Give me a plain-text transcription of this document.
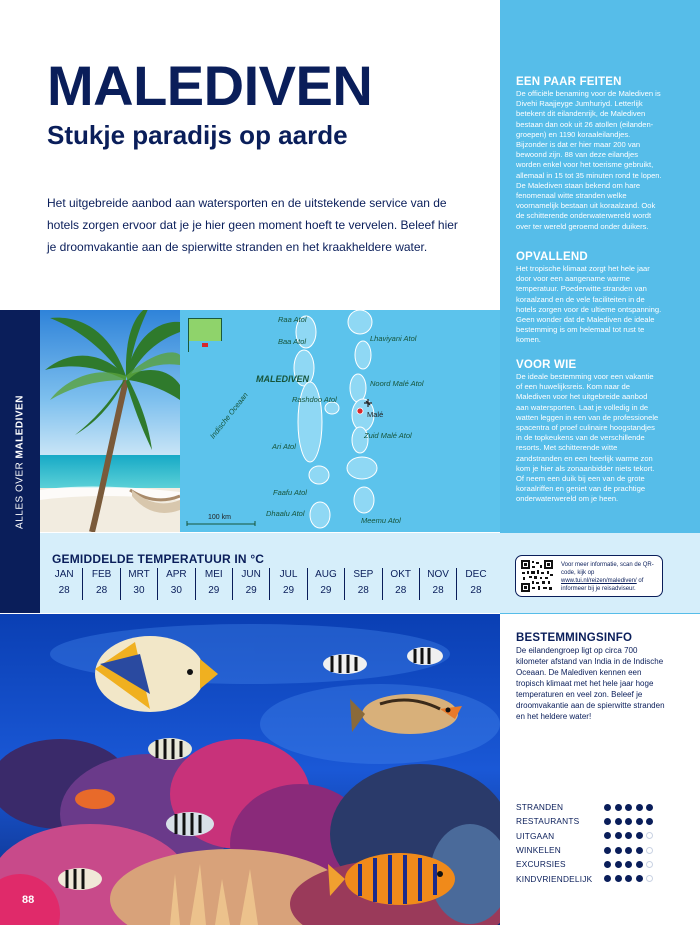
MALEDIVEN
Stukje paradijs op aarde

Het uitgebreide aanbod aan watersporten en de uitstekende service van de hotels zorgen ervoor dat je je hier geen moment hoeft te vervelen. Beleef hier je droomvakantie aan de spierwitte stranden en het kraakheldere water.

EEN PAAR FEITEN

De officiële benaming voor de Malediven is Divehi Raajjeyge Jumhuriyd. Letterlijk betekent dit eilandenrijk, de Malediven bestaan dan ook uit 26 atollen (eilanden-groepen) en 1190 koraaleilandjes. Bijzonder is dat er hier maar 200 van bewoond zijn. 88 van deze eilandjes worden enkel voor het toerisme gebruikt, allemaal in 15 tot 35 minuten rond te lopen. De Malediven staan bekend om hare fenomenaal witte stranden welke voornamelijk bestaan uit koraalzand. Ook de schitterende onderwaterwereld wordt over ter wereld geroemd onder duikers.

OPVALLEND

Het tropische klimaat zorgt het hele jaar door voor een aangename warme temperatuur. Poederwitte stranden van koraalzand en de vele faciliteiten in de hotels zorgen voor de ultieme ontspanning. Geen wonder dat de Malediven de ideale bestemming is om helemaal tot rust te komen.

VOOR WIE

De ideale bestemming voor een vakantie of een huwelijksreis. Kom naar de Malediven voor het uitgebreide aanbod aan watersporten. Laat je volledig in de watten leggen in een van de professionele spacentra of proef culinaire hoogstandjes in de topkeukens van de verschillende resorts. Met schitterende witte zandstranden en een heerlijk warme zon kom je hier als zonaanbidder niets tekort. Of neem een duik bij een van de grote koraalriffen en geniet van de prachtige onderwaterwereld om je heen.

ALLES OVER MALEDIVEN
Raa Atol
Baa Atol	Lhaviyani Atol
MALEDIVEN	Noord Malé Atol
Rashdoo Atol
Malé
Indische Oceaan	Zuid Malé Atol
Ari Atol
Faafu Atol
Dhaalu Atol
Meemu Atol
100 km
GEMIDDELDE TEMPERATUUR IN °C
JAN
28
FEB
28
MRT
30
APR
30
MEI
29
JUN
29
JUL
29
AUG
29
SEP
28
OKT
28
NOV
28
DEC
28
Voor meer informatie, scan de QR-code, kijk op www.tui.nl/reizen/malediven/ of informeer bij je reisadviseur.
88
BESTEMMINGSINFO

De eilandengroep ligt op circa 700 kilometer afstand van India in de Indische Oceaan. De Malediven kennen een tropisch klimaat met het hele jaar hoge temperaturen en veel zon. Beleef je droomvakantie aan de spierwitte stranden en het heldere water!

STRANDEN
RESTAURANTS
UITGAAN
WINKELEN
EXCURSIES
KINDVRIENDELIJK
